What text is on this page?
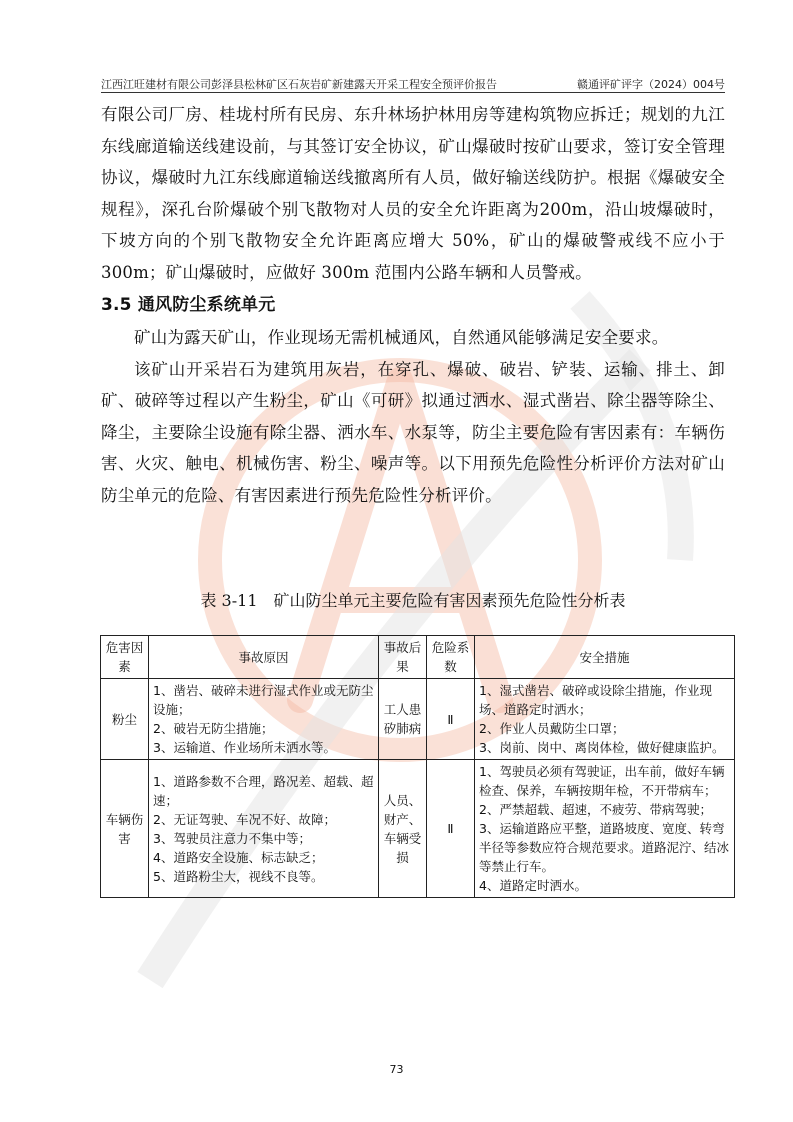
江西江旺建材有限公司彭泽县松林矿区石灰岩矿新建露天开采工程安全预评价报告	赣通评矿评字（2024）004号

有限公司厂房、桂垅村所有民房、东升林场护林用房等建构筑物应拆迁；规划的九江东线廊道输送线建设前，与其签订安全协议，矿山爆破时按矿山要求，签订安全管理协议，爆破时九江东线廊道输送线撤离所有人员，做好输送线防护。根据《爆破安全规程》，深孔台阶爆破个别飞散物对人员的安全允许距离为200m，沿山坡爆破时，下坡方向的个别飞散物安全允许距离应增大 50%，矿山的爆破警戒线不应小于 300m；矿山爆破时，应做好 300m 范围内公路车辆和人员警戒。

3.5 通风防尘系统单元

矿山为露天矿山，作业现场无需机械通风，自然通风能够满足安全要求。

该矿山开采岩石为建筑用灰岩，在穿孔、爆破、破岩、铲装、运输、排土、卸矿、破碎等过程以产生粉尘，矿山《可研》拟通过洒水、湿式凿岩、除尘器等除尘、降尘，主要除尘设施有除尘器、洒水车、水泵等，防尘主要危险有害因素有：车辆伤害、火灾、触电、机械伤害、粉尘、噪声等。以下用预先危险性分析评价方法对矿山防尘单元的危险、有害因素进行预先危险性分析评价。

表 3-11　矿山防尘单元主要危险有害因素预先危险性分析表
危害因素	事故原因	事故后果	危险系数	安全措施
粉尘	1、凿岩、破碎未进行湿式作业或无防尘设施；
2、破岩无防尘措施；
3、运输道、作业场所未洒水等。	工人患矽肺病	Ⅱ	1、湿式凿岩、破碎或设除尘措施，作业现场、道路定时洒水；
2、作业人员戴防尘口罩；
3、岗前、岗中、离岗体检，做好健康监护。

车辆伤害	1、道路参数不合理，路况差、超载、超速；
2、无证驾驶、车况不好、故障；
3、驾驶员注意力不集中等；
4、道路安全设施、标志缺乏；
5、道路粉尘大，视线不良等。	人员、财产、车辆受损	Ⅱ	1、驾驶员必须有驾驶证，出车前，做好车辆检查、保养，车辆按期年检，不开带病车；
2、严禁超载、超速，不疲劳、带病驾驶；
3、运输道路应平整，道路坡度、宽度、转弯半径等参数应符合规范要求。道路泥泞、结冰等禁止行车。
4、道路定时洒水。
73
